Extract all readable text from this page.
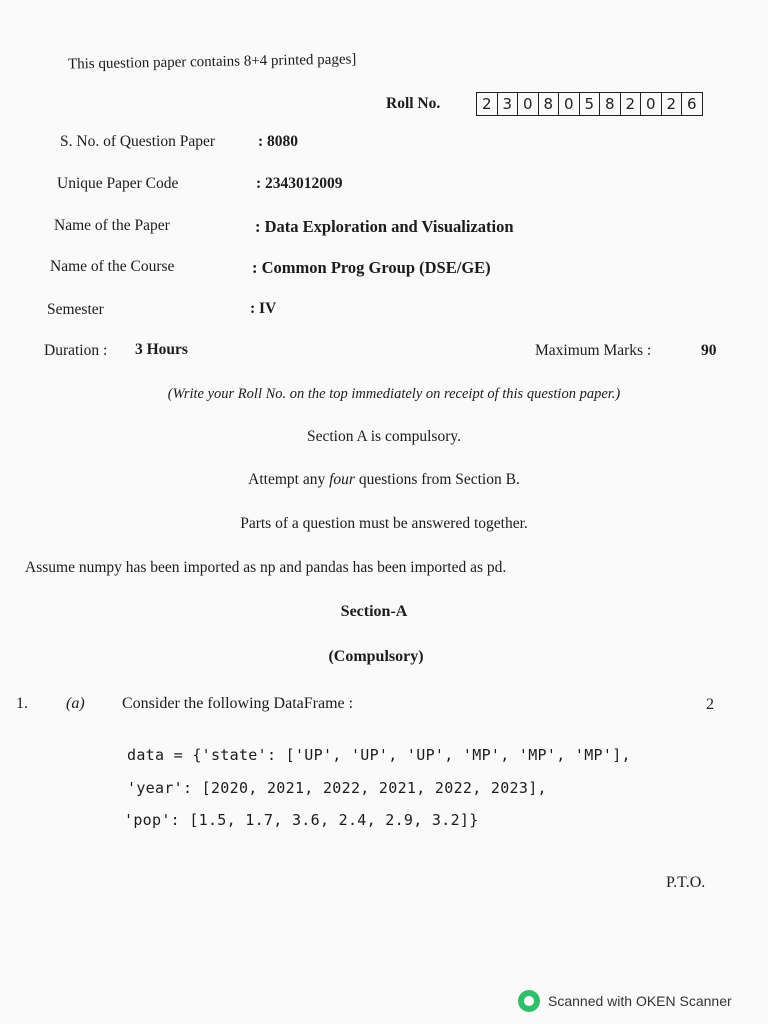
This question paper contains 8+4 printed pages]
Roll No.	2 3 0 8 0 5 8 2 0 2 6
S. No. of Question Paper	: 8080
Unique Paper Code	: 2343012009
Name of the Paper	: Data Exploration and Visualization
Name of the Course	: Common Prog Group (DSE/GE)
Semester	: IV
Duration : 3 Hours	Maximum Marks :	90
(Write your Roll No. on the top immediately on receipt of this question paper.)
Section A is compulsory.
Attempt any four questions from Section B.
Parts of a question must be answered together.
Assume numpy has been imported as np and pandas has been imported as pd.
Section-A
(Compulsory)
1. (a) Consider the following DataFrame :	2
data = {'state': ['UP', 'UP', 'UP', 'MP', 'MP', 'MP'],
'year': [2020, 2021, 2022, 2021, 2022, 2023],
'pop': [1.5, 1.7, 3.6, 2.4, 2.9, 3.2]}
P.T.O.
Scanned with OKEN Scanner
